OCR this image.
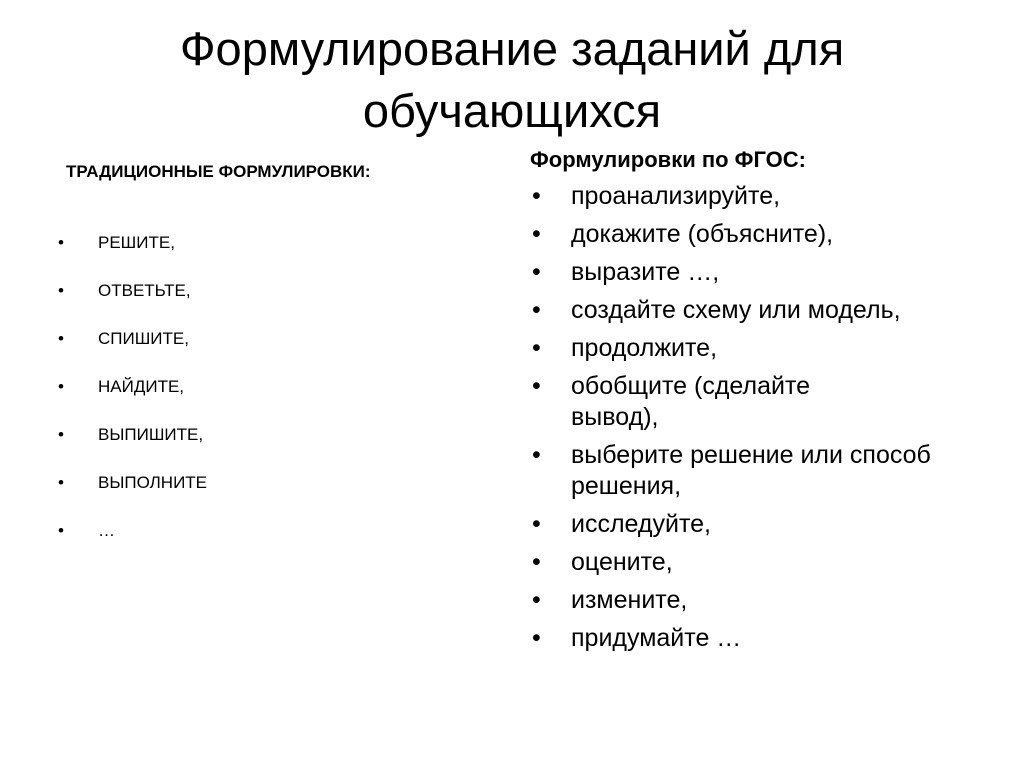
Формулирование заданий для обучающихся
ТРАДИЦИОННЫЕ ФОРМУЛИРОВКИ:
• РЕШИТЕ,
• ОТВЕТЬТЕ,
• СПИШИТЕ,
• НАЙДИТЕ,
• ВЫПИШИТЕ,
• ВЫПОЛНИТЕ
• …
Формулировки по ФГОС:
• проанализируйте,
• докажите (объясните),
• выразите …,
• создайте схему или модель,
• продолжите,
• обобщите (сделайте вывод),
• выберите решение или способ решения,
• исследуйте,
• оцените,
• измените,
• придумайте …
